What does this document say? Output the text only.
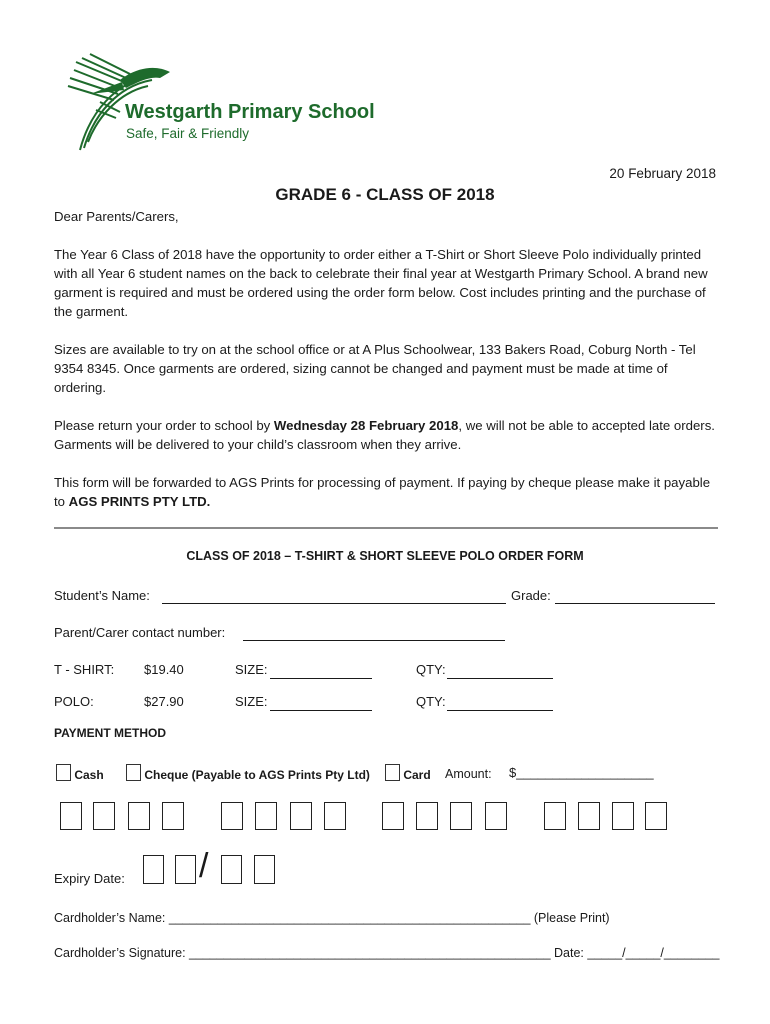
Westgarth Primary School
Safe, Fair & Friendly
20 February 2018
GRADE 6 - CLASS OF 2018

Dear Parents/Carers,

The Year 6 Class of 2018 have the opportunity to order either a T-Shirt or Short Sleeve Polo individually printed with all Year 6 student names on the back to celebrate their final year at Westgarth Primary School. A brand new garment is required and must be ordered using the order form below. Cost includes printing and the purchase of the garment.

Sizes are available to try on at the school office or at A Plus Schoolwear, 133 Bakers Road, Coburg North - Tel 9354 8345. Once garments are ordered, sizing cannot be changed and payment must be made at time of ordering.

Please return your order to school by Wednesday 28 February 2018, we will not be able to accepted late orders. Garments will be delivered to your child’s classroom when they arrive.

This form will be forwarded to AGS Prints for processing of payment. If paying by cheque please make it payable to AGS PRINTS PTY LTD.

CLASS OF 2018 – T-SHIRT & SHORT SLEEVE POLO ORDER FORM
Student’s Name:	Grade:
Parent/Carer contact number:
T - SHIRT: $19.40	SIZE:	QTY:
POLO:	$27.90	SIZE:	QTY:
PAYMENT METHOD
Cash	Cheque (Payable to AGS Prints Pty Ltd)	Card Amount: $___________________
Expiry Date: /
Cardholder’s Name: ____________________________________________________ (Please Print)
Cardholder’s Signature: ____________________________________________________ Date: _____/_____/________
